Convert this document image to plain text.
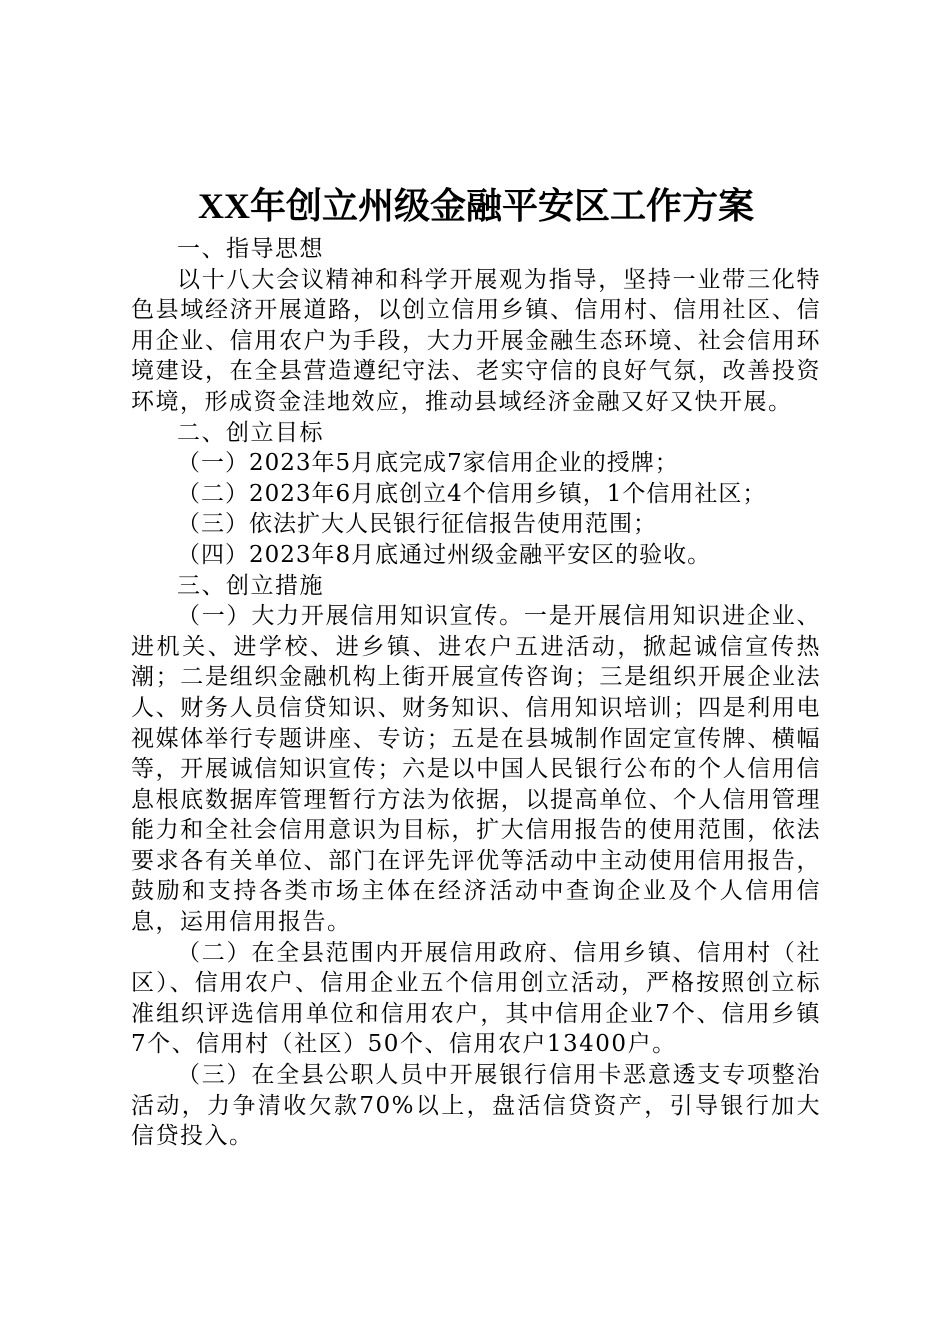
XX年创立州级金融平安区工作方案

一、指导思想

以十八大会议精神和科学开展观为指导，坚持一业带三化特色县域经济开展道路，以创立信用乡镇、信用村、信用社区、信用企业、信用农户为手段，大力开展金融生态环境、社会信用环境建设，在全县营造遵纪守法、老实守信的良好气氛，改善投资环境，形成资金洼地效应，推动县域经济金融又好又快开展。

二、创立目标

（一）2023年5月底完成7家信用企业的授牌；

（二）2023年6月底创立4个信用乡镇，1个信用社区；

（三）依法扩大人民银行征信报告使用范围；

（四）2023年8月底通过州级金融平安区的验收。

三、创立措施

（一）大力开展信用知识宣传。一是开展信用知识进企业、进机关、进学校、进乡镇、进农户五进活动，掀起诚信宣传热潮；二是组织金融机构上街开展宣传咨询；三是组织开展企业法人、财务人员信贷知识、财务知识、信用知识培训；四是利用电视媒体举行专题讲座、专访；五是在县城制作固定宣传牌、横幅等，开展诚信知识宣传；六是以中国人民银行公布的个人信用信息根底数据库管理暂行方法为依据，以提高单位、个人信用管理能力和全社会信用意识为目标，扩大信用报告的使用范围，依法要求各有关单位、部门在评先评优等活动中主动使用信用报告，鼓励和支持各类市场主体在经济活动中查询企业及个人信用信息，运用信用报告。

（二）在全县范围内开展信用政府、信用乡镇、信用村（社区）、信用农户、信用企业五个信用创立活动，严格按照创立标准组织评选信用单位和信用农户，其中信用企业7个、信用乡镇7个、信用村（社区）50个、信用农户13400户。

（三）在全县公职人员中开展银行信用卡恶意透支专项整治活动，力争清收欠款70%以上，盘活信贷资产，引导银行加大信贷投入。
